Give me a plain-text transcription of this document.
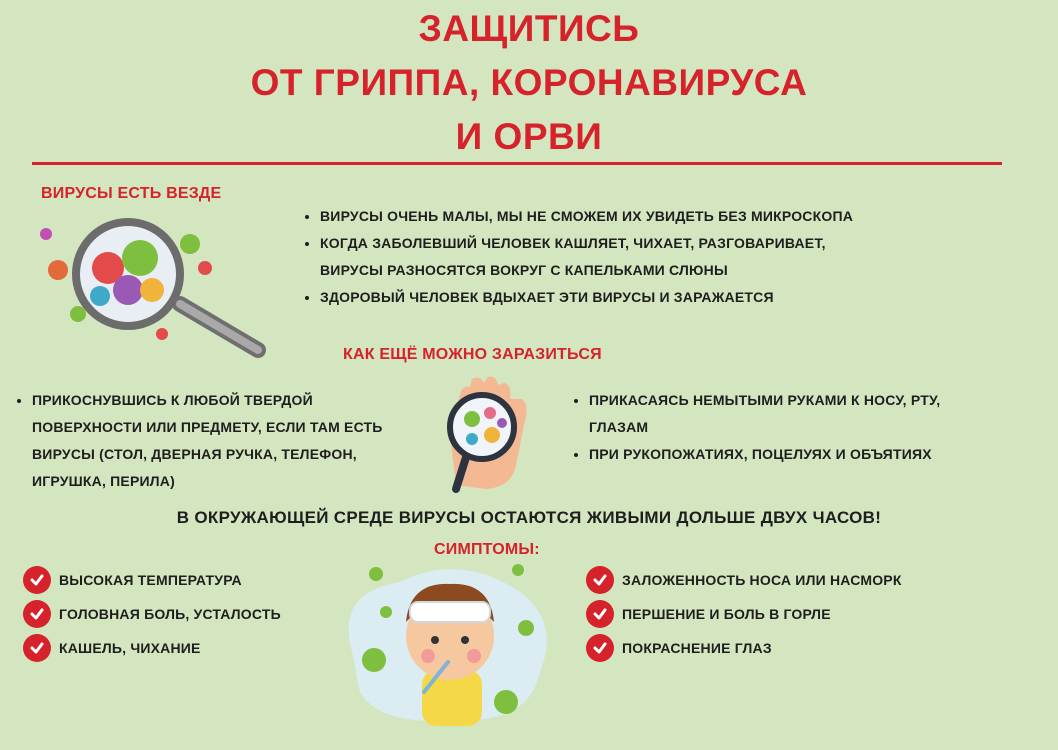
ЗАЩИТИСЬ
ОТ ГРИППА, КОРОНАВИРУСА
И ОРВИ
ВИРУСЫ ЕСТЬ ВЕЗДЕ
• ВИРУСЫ ОЧЕНЬ МАЛЫ, МЫ НЕ СМОЖЕМ ИХ УВИДЕТЬ БЕЗ МИКРОСКОПА
• КОГДА ЗАБОЛЕВШИЙ ЧЕЛОВЕК КАШЛЯЕТ, ЧИХАЕТ, РАЗГОВАРИВАЕТ, ВИРУСЫ РАЗНОСЯТСЯ ВОКРУГ С КАПЕЛЬКАМИ СЛЮНЫ
• ЗДОРОВЫЙ ЧЕЛОВЕК ВДЫХАЕТ ЭТИ ВИРУСЫ И ЗАРАЖАЕТСЯ
КАК ЕЩЁ МОЖНО ЗАРАЗИТЬСЯ
• ПРИКОСНУВШИСЬ К ЛЮБОЙ ТВЕРДОЙ ПОВЕРХНОСТИ ИЛИ ПРЕДМЕТУ, ЕСЛИ ТАМ ЕСТЬ ВИРУСЫ (СТОЛ, ДВЕРНАЯ РУЧКА, ТЕЛЕФОН, ИГРУШКА, ПЕРИЛА)
• ПРИКАСАЯСЬ НЕМЫТЫМИ РУКАМИ К НОСУ, РТУ, ГЛАЗАМ
• ПРИ РУКОПОЖАТИЯХ, ПОЦЕЛУЯХ И ОБЪЯТИЯХ
В ОКРУЖАЮЩЕЙ СРЕДЕ ВИРУСЫ ОСТАЮТСЯ ЖИВЫМИ ДОЛЬШЕ ДВУХ ЧАСОВ!
СИМПТОМЫ:
ВЫСОКАЯ ТЕМПЕРАТУРА
ГОЛОВНАЯ БОЛЬ, УСТАЛОСТЬ
КАШЕЛЬ, ЧИХАНИЕ
ЗАЛОЖЕННОСТЬ НОСА ИЛИ НАСМОРК
ПЕРШЕНИЕ И БОЛЬ В ГОРЛЕ
ПОКРАСНЕНИЕ ГЛАЗ
